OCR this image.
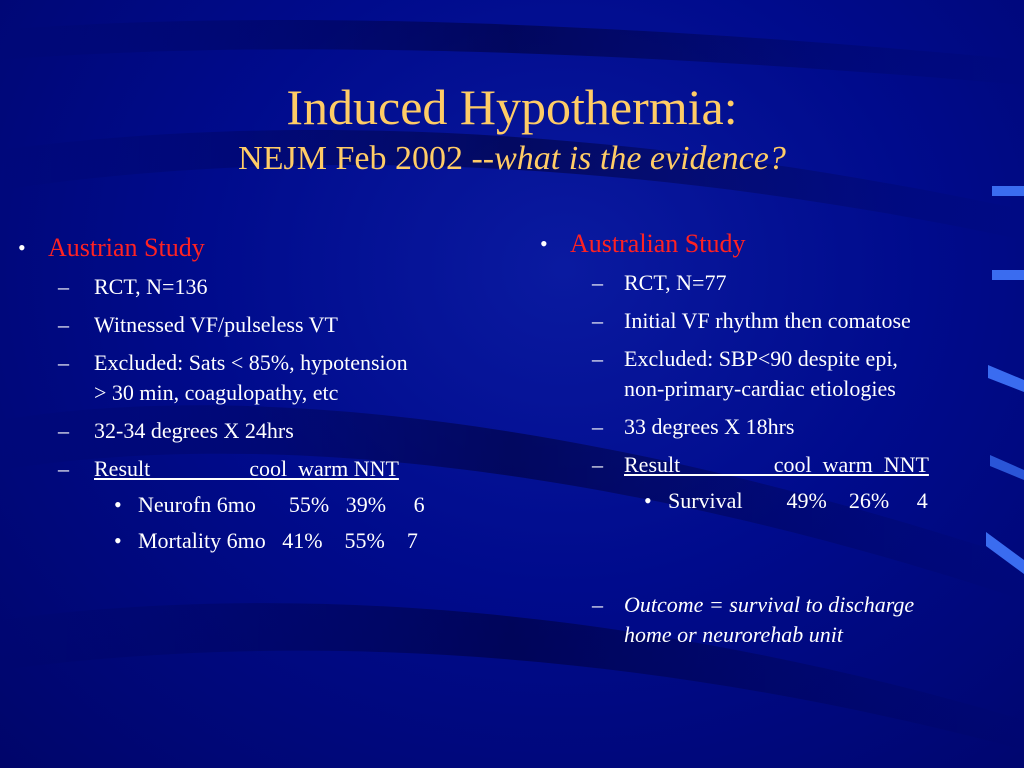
Induced Hypothermia:
NEJM Feb 2002 --what is the evidence?
• Austrian Study
– RCT, N=136
– Witnessed VF/pulseless VT
– Excluded: Sats < 85%, hypotension
> 30 min, coagulopathy, etc
– 32-34 degrees X 24hrs
– Result                  cool  warm NNT
• Neurofn 6mo      55%   39%     6
• Mortality 6mo   41%    55%    7
• Australian Study
– RCT, N=77
– Initial VF rhythm then comatose
– Excluded: SBP<90 despite epi,
non-primary-cardiac etiologies
– 33 degrees X 18hrs
– Result                 cool  warm  NNT
• Survival        49%    26%     4
– Outcome = survival to discharge
home or neurorehab unit
